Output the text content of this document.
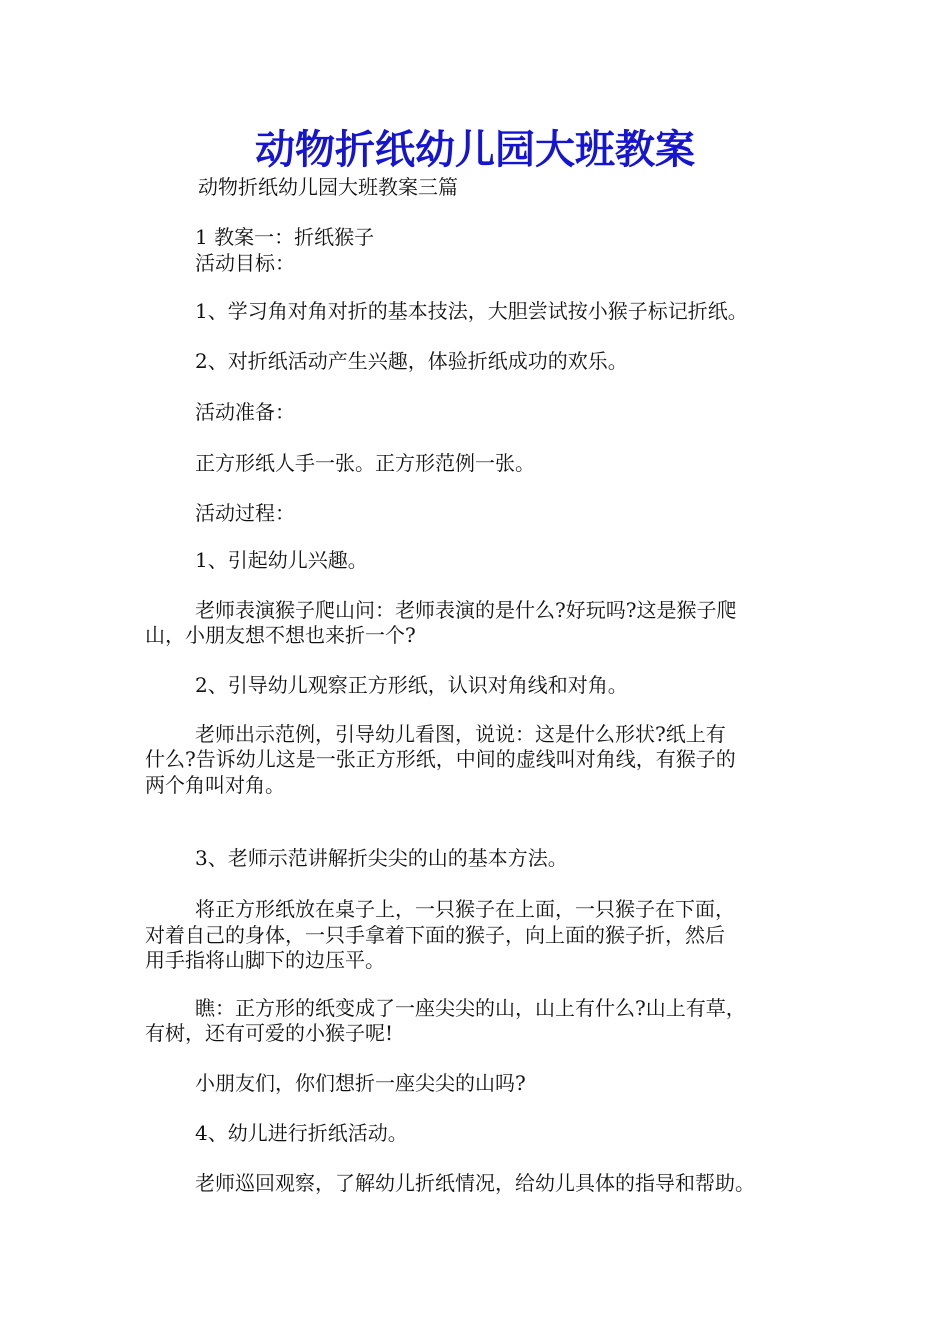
动物折纸幼儿园大班教案

动物折纸幼儿园大班教案三篇

1 教案一：折纸猴子

活动目标：

1、学习角对角对折的基本技法，大胆尝试按小猴子标记折纸。

2、对折纸活动产生兴趣，体验折纸成功的欢乐。

活动准备：

正方形纸人手一张。正方形范例一张。

活动过程：

1、引起幼儿兴趣。

老师表演猴子爬山问：老师表演的是什么?好玩吗?这是猴子爬

山，小朋友想不想也来折一个?

2、引导幼儿观察正方形纸，认识对角线和对角。

老师出示范例，引导幼儿看图，说说：这是什么形状?纸上有

什么?告诉幼儿这是一张正方形纸，中间的虚线叫对角线，有猴子的

两个角叫对角。

3、老师示范讲解折尖尖的山的基本方法。

将正方形纸放在桌子上，一只猴子在上面，一只猴子在下面，

对着自己的身体，一只手拿着下面的猴子，向上面的猴子折，然后

用手指将山脚下的边压平。

瞧：正方形的纸变成了一座尖尖的山，山上有什么?山上有草，

有树，还有可爱的小猴子呢!

小朋友们，你们想折一座尖尖的山吗?

4、幼儿进行折纸活动。

老师巡回观察，了解幼儿折纸情况，给幼儿具体的指导和帮助。
